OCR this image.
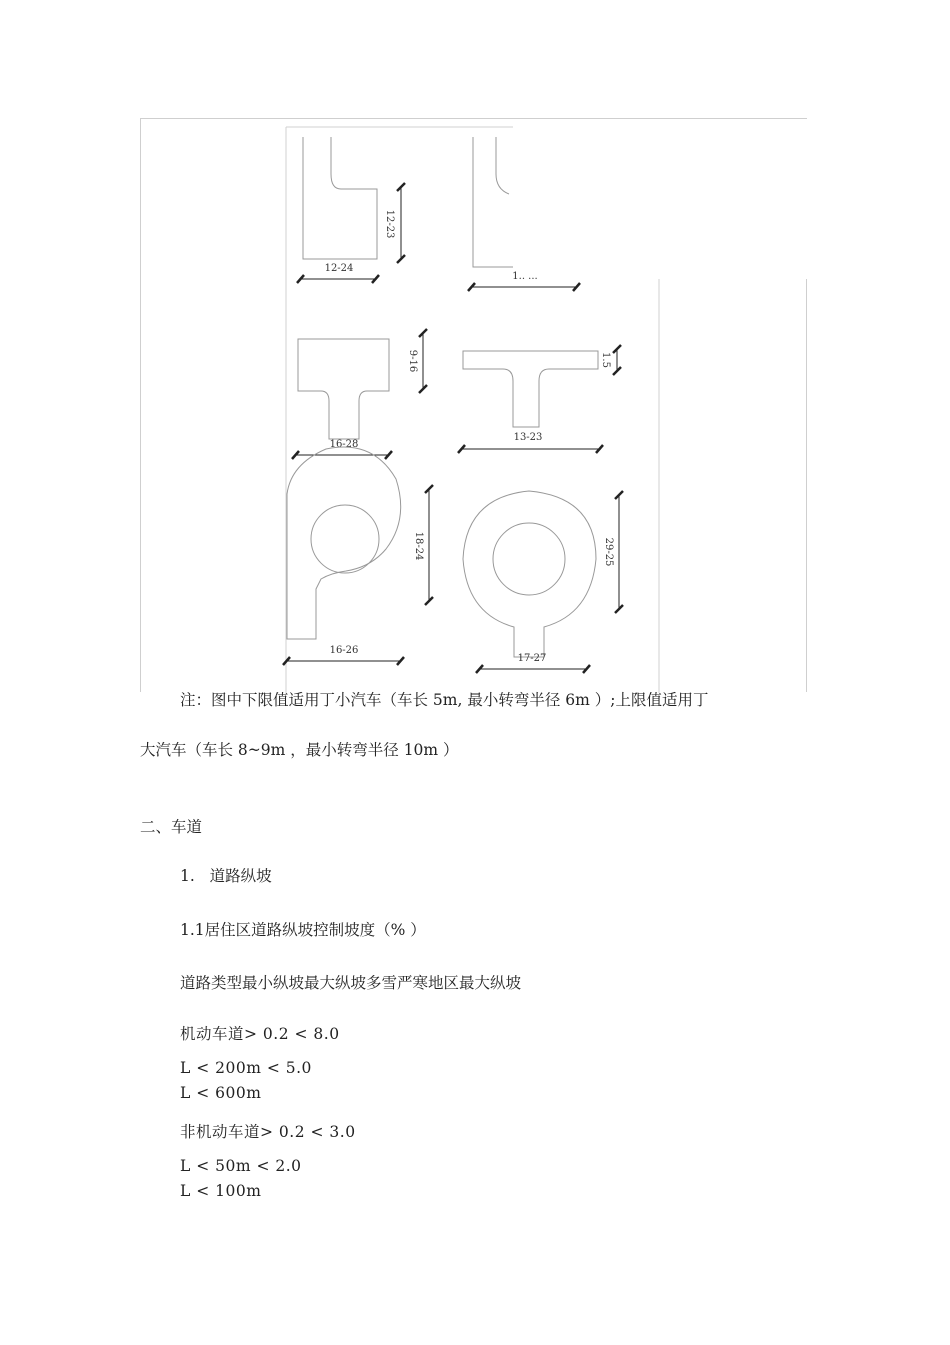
12-23
12-24
1.. ...
9-16
16-28
1.5
13-23
18-24
16-26
29-25
17-27
注：图中下限值适用丁小汽车（车长 5m, 最小转弯半径 6m ）;上限值适用丁
大汽车（车长 8~9m ，最小转弯半径 10m ）
二、车道
1.   道路纵坡
1.1居住区道路纵坡控制坡度（% ）
道路类型最小纵坡最大纵坡多雪严寒地区最大纵坡
机动车道> 0.2 < 8.0
L < 200m < 5.0
L < 600m
非机动车道> 0.2 < 3.0
L < 50m < 2.0
L < 100m
